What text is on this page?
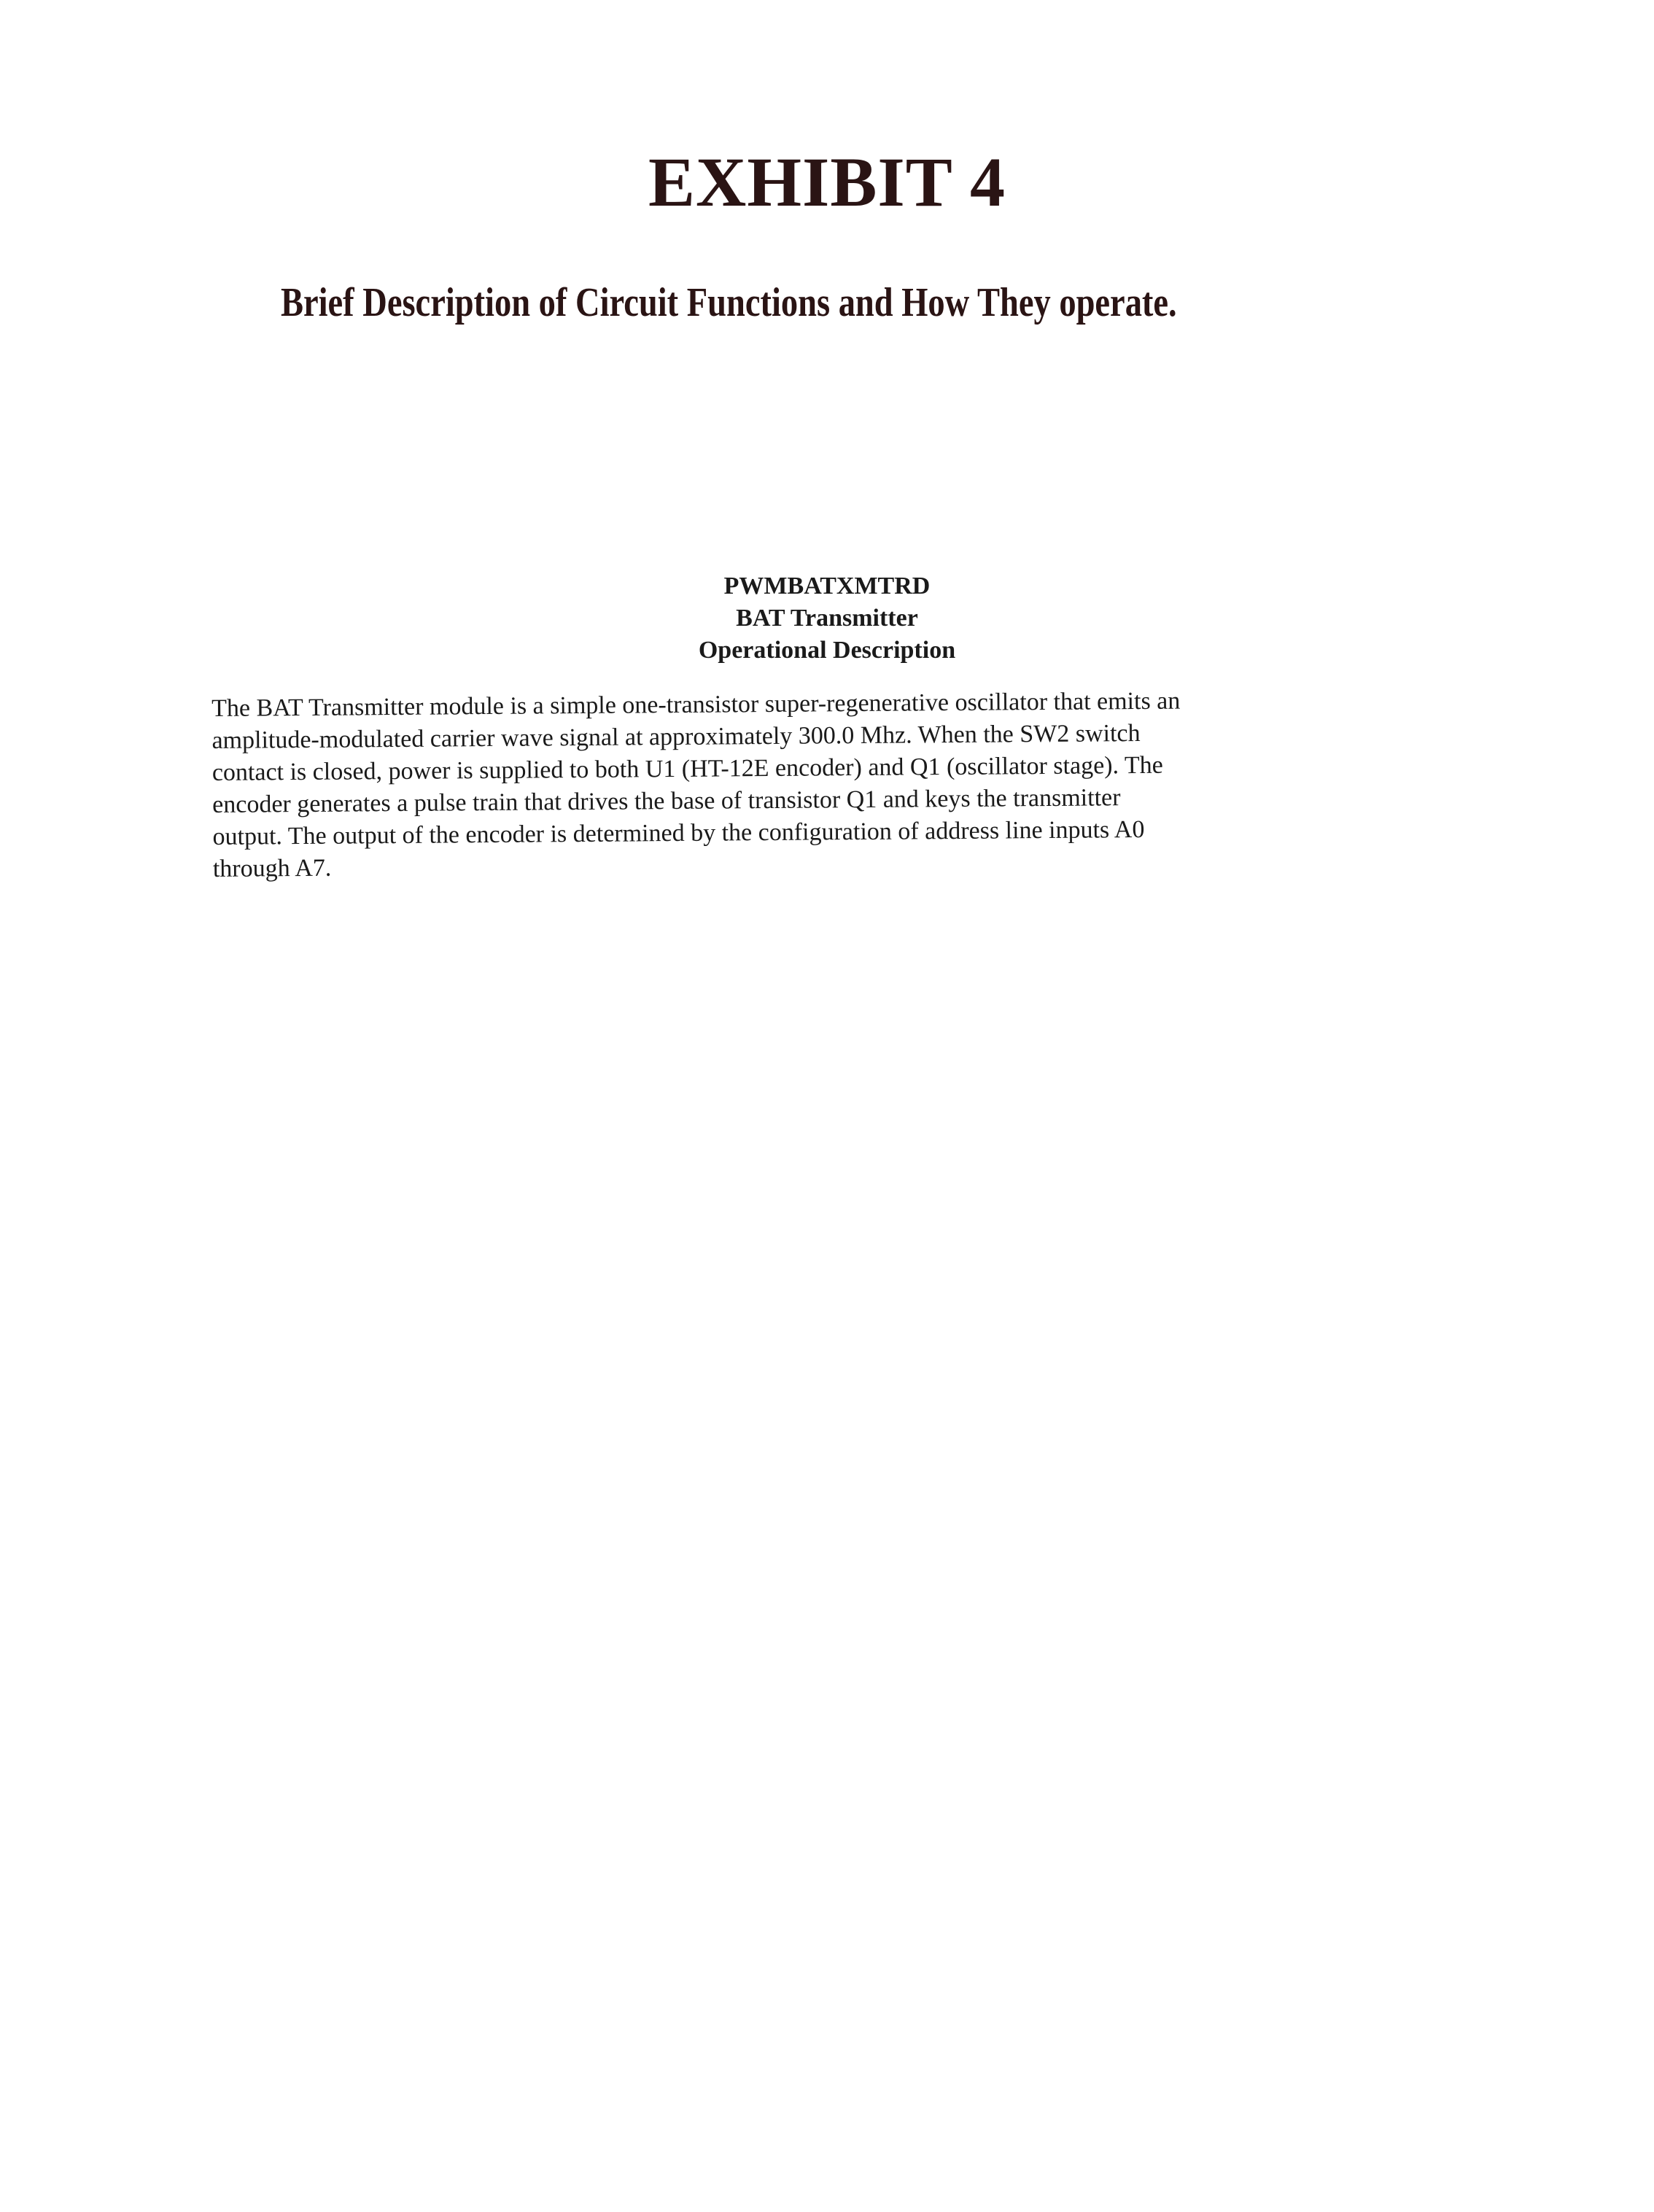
EXHIBIT 4
Brief Description of Circuit Functions and How They operate.
PWMBATXMTRD
BAT Transmitter
Operational Description
The BAT Transmitter module is a simple one-transistor super-regenerative oscillator that emits an
amplitude-modulated carrier wave signal at approximately 300.0 Mhz. When the SW2 switch
contact is closed, power is supplied to both U1 (HT-12E encoder) and Q1 (oscillator stage). The
encoder generates a pulse train that drives the base of transistor Q1 and keys the transmitter
output. The output of the encoder is determined by the configuration of address line inputs A0
through A7.
